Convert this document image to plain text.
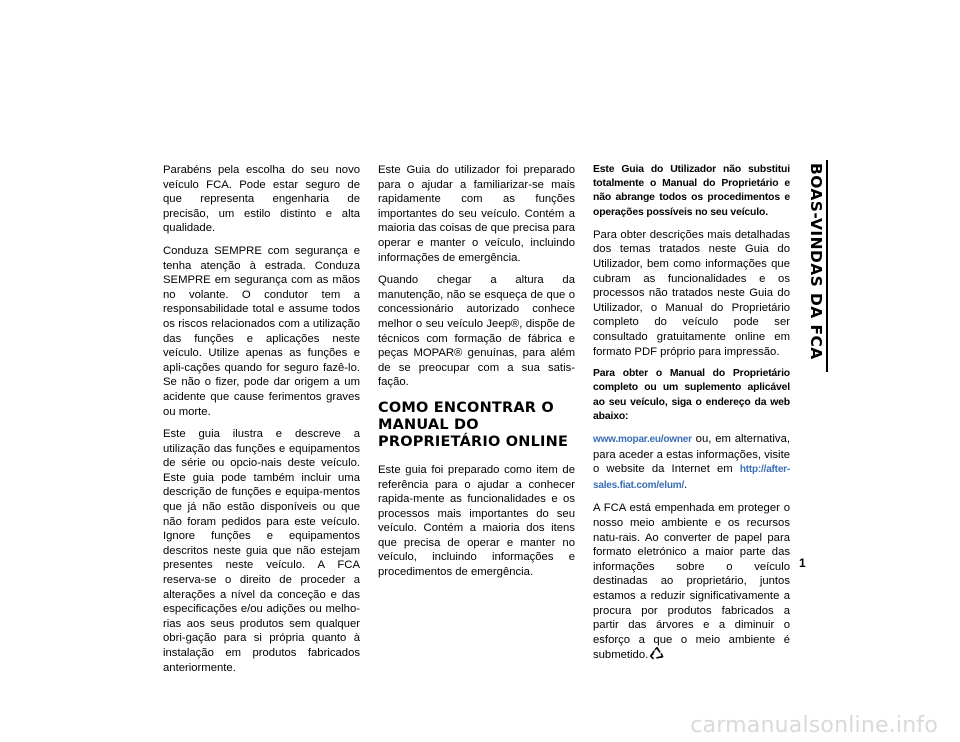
Parabéns pela escolha do seu novo veículo FCA. Pode estar seguro de que representa engenharia de precisão, um estilo distinto e alta qualidade.

Conduza SEMPRE com segurança e tenha atenção à estrada. Conduza SEMPRE em segurança com as mãos no volante. O condutor tem a responsabilidade total e assume todos os riscos relacionados com a utilização das funções e aplicações neste veículo. Utilize apenas as funções e apli-cações quando for seguro fazê-lo. Se não o fizer, pode dar origem a um acidente que cause ferimentos graves ou morte.

Este guia ilustra e descreve a utilização das funções e equipamentos de série ou opcio-nais deste veículo. Este guia pode também incluir uma descrição de funções e equipa-mentos que já não estão disponíveis ou que não foram pedidos para este veículo. Ignore funções e equipamentos descritos neste guia que não estejam presentes neste veículo. A FCA reserva-se o direito de proceder a alterações a nível da conceção e das especificações e/ou adições ou melho-rias aos seus produtos sem qualquer obri-gação para si própria quanto à instalação em produtos fabricados anteriormente.

Este Guia do utilizador foi preparado para o ajudar a familiarizar-se mais rapidamente com as funções importantes do seu veículo. Contém a maioria das coisas de que precisa para operar e manter o veículo, incluindo informações de emergência.

Quando chegar a altura da manutenção, não se esqueça de que o concessionário autorizado conhece melhor o seu veículo Jeep®, dispõe de técnicos com formação de fábrica e peças MOPAR® genuínas, para além de se preocupar com a sua satis-fação.

COMO ENCONTRAR O MANUAL DO PROPRIETÁRIO ONLINE

Este guia foi preparado como item de referência para o ajudar a conhecer rapida-mente as funcionalidades e os processos mais importantes do seu veículo. Contém a maioria dos itens que precisa de operar e manter no veículo, incluindo informações e procedimentos de emergência.

Este Guia do Utilizador não substitui totalmente o Manual do Proprietário e não abrange todos os procedimentos e operações possíveis no seu veículo.

Para obter descrições mais detalhadas dos temas tratados neste Guia do Utilizador, bem como informações que cubram as funcionalidades e os processos não tratados neste Guia do Utilizador, o Manual do Proprietário completo do veículo pode ser consultado gratuitamente online em formato PDF próprio para impressão.

Para obter o Manual do Proprietário completo ou um suplemento aplicável ao seu veículo, siga o endereço da web abaixo:

www.mopar.eu/owner ou, em alternativa, para aceder a estas informações, visite o website da Internet em http://after-sales.fiat.com/elum/.

A FCA está empenhada em proteger o nosso meio ambiente e os recursos natu-rais. Ao converter de papel para formato eletrónico a maior parte das informações sobre o veículo destinadas ao proprietário, juntos estamos a reduzir significativamente a procura por produtos fabricados a partir das árvores e a diminuir o esforço a que o meio ambiente é submetido.

BOAS-VINDAS DA FCA
1
carmanualsonline.info
